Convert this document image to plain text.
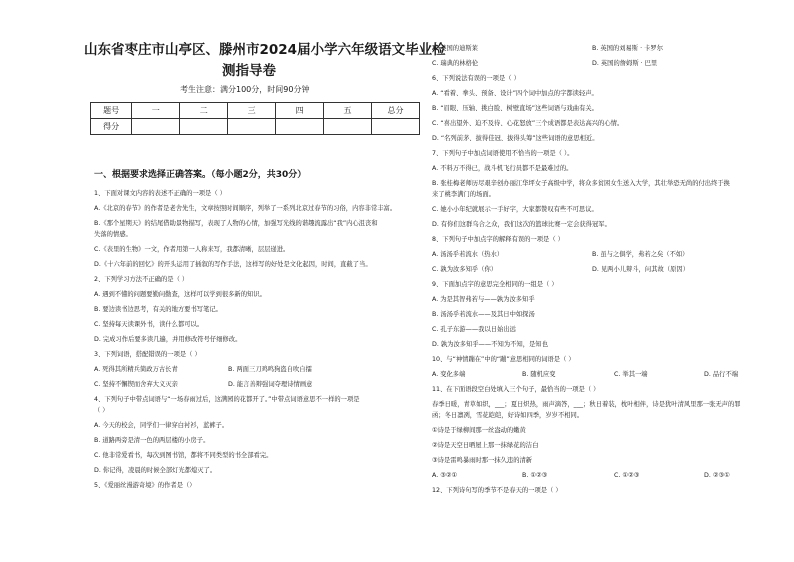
山东省枣庄市山亭区、滕州市2024届小学六年级语文毕业检
测指导卷
考生注意：满分100分，时间90分钟
题号	一	二	三	四	五	总分
得分						
一、根据要求选择正确答案。（每小题2分，共30分）
1、下面对课文内容的表述不正确的一项是（ ）
A.《北京的春节》的作者是老舍先生，文章按照时间顺序，列举了一系列北京过春节的习俗，内容非常丰富。
B.《那个星期天》的结尾借助景物描写，表现了人物的心情，加强写光线的谐趣流露出“我”内心沮丧和
失落的情感。
C.《表里的生物》一文，作者用第一人称来写，我都清晰，层层递进。
D.《十六年前的回忆》的开头运用了插叙的写作手法，这样写的好处是文化起因，时间，直截了当。
2、下列学习方法不正确的是（ ）
A. 遇到不懂的问题要勤问勤查，这样可以学到很多新的知识。
B. 要边读书边思考，有关的地方要书写笔记。
C. 坚持每天读课外书，读什么都可以。
D. 完成习作后要多读几遍，并用修改符号仔细修改。
3、下列词语，搭配错误的一项是（ ）
4、下列句子中带点词语与“一场春雨过后，这满园的花都开了。”中带点词语意思不一样的一项是
（ ）
A. 今天的校会，同学们一律穿白衬衫，蓝裤子。
B. 道路两旁是清一色的两层楼的小房子。
C. 他非常爱看书，每次到图书馆，都将不同类型的书全部看完。
D. 你记得，凌晨的时候全部灯光都熄灭了。
5、《爱丽丝漫游奇境》的作者是（）
A. 死得其所精兵简政万古长青	B. 两面三刀鸡鸣狗盗自吹自擂
C. 坚持不懈锲而舍弃大义灭亲	D. 能言善辩强词夺理诗情画意
C. 瑞典的林格伦
6、下列说法有误的一项是（ ）
A. “看着、拳头、预备、设计”四个词中加点的字都读轻声。
B. “眉眼、压轴、挑白脸、树壁直场”这些词语与戏曲有关。
C. “喜出望外、迫不及待、心花怒放”三个成语都是表达高兴的心情。
D. “名列前茅、拔得佳冠、拔得头筹”这些词语的意思相近。
7、下列句子中加点词语使用不恰当的一项是（ ）。
A. 不料万不得已，战斗机飞行员都不是最难过的。
B. 张桂梅老师历尽艰辛创办丽江华坪女子高级中学，将众多贫困女生送入大学，其壮举恐无尚的付出终于换
来了桃李满门的场面。
C. 她小小年纪就展示一手好字，大家都赞叹有些不可思议。
D. 有你们这群乌合之众，我们这次的篮球比赛一定会获得冠军。
8、下列句子中加点字的解释有误的一项是（ ）
9、下面加点字的意思完全相同的一组是（ ）
A. 为是其智弗若与——孰为汝多知乎
B. 汤汤乎若流水——及其日中如探汤
C. 孔子东游——我以日始出远
D. 孰为汝多知乎——不知为不知，是知也
10、与“神情蹦在”中的“蹦”意思相同的词语是（ ）
11、在下面语段空白处填入三个句子，最恰当的一项是（ ）
春季日暖，青草如织，___；夏日炽热，雨声滴答，___；秋日着装，枕叶相伴，诗是犹叶清风里那一张无声的罪
函；冬日凛冽，雪花皑皑，好诗如四季，岁岁不相同。
①诗是于绿柳间那一丝盎动的嫩黄
②诗是天空日晒屋上那一抹绿花的洁白
③诗是雷鸣暴雨时那一抹久违的清新
12、下列诗句写的季节不是春天的一项是（ ）
A. 英国的迪斯莱	B. 英国的刘易斯 · 卡罗尔
D. 英国的詹姆斯 · 巴里
A. 汤汤乎若流水（热水）	B. 虽与之俱学，弗若之矣（不如）
C. 孰为汝多知乎（你）	D. 见两小儿辩斗，问其故（原因）
A. 变化多端	B. 随机应变	C. 举其一端	D. 品行不端
A. ③②①	B. ①②③	C. ①②③	D. ②③①
